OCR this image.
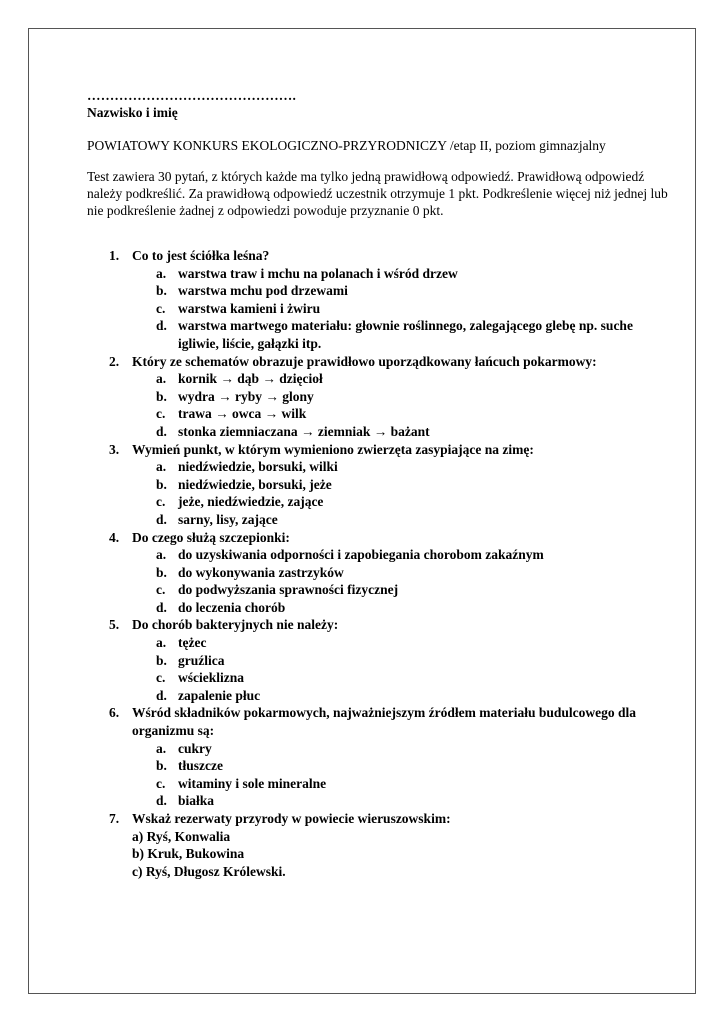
……………………………………….
Nazwisko i imię
POWIATOWY KONKURS EKOLOGICZNO-PRZYRODNICZY /etap II, poziom gimnazjalny
Test zawiera 30 pytań, z których każde ma tylko jedną prawidłową odpowiedź. Prawidłową odpowiedź należy podkreślić. Za prawidłową odpowiedź uczestnik otrzymuje 1 pkt. Podkreślenie więcej niż jednej lub nie podkreślenie żadnej z odpowiedzi powoduje przyznanie 0 pkt.
1. Co to jest ściółka leśna?
a. warstwa traw i mchu na polanach i wśród drzew
b. warstwa mchu pod drzewami
c. warstwa kamieni i żwiru
d. warstwa martwego materiału: głownie roślinnego, zalegającego glebę np. suche igliwie, liście, gałązki itp.
2. Który ze schematów obrazuje prawidłowo uporządkowany łańcuch pokarmowy:
a. kornik → dąb → dzięcioł
b. wydra → ryby → glony
c. trawa → owca → wilk
d. stonka ziemniaczana → ziemniak → bażant
3. Wymień punkt, w którym wymieniono zwierzęta zasypiające na zimę:
a. niedźwiedzie, borsuki, wilki
b. niedźwiedzie, borsuki, jeże
c. jeże, niedźwiedzie, zające
d. sarny, lisy, zające
4. Do czego służą szczepionki:
a. do uzyskiwania odporności i zapobiegania chorobom zakaźnym
b. do wykonywania zastrzyków
c. do podwyższania sprawności fizycznej
d. do leczenia chorób
5. Do chorób bakteryjnych nie należy:
a. tężec
b. gruźlica
c. wścieklizna
d. zapalenie płuc
6. Wśród składników pokarmowych, najważniejszym źródłem materiału budulcowego dla organizmu są:
a. cukry
b. tłuszcze
c. witaminy i sole mineralne
d. białka
7. Wskaż rezerwaty przyrody w powiecie wieruszowskim:
a) Ryś, Konwalia
b) Kruk, Bukowina
c) Ryś, Długosz Królewski.
